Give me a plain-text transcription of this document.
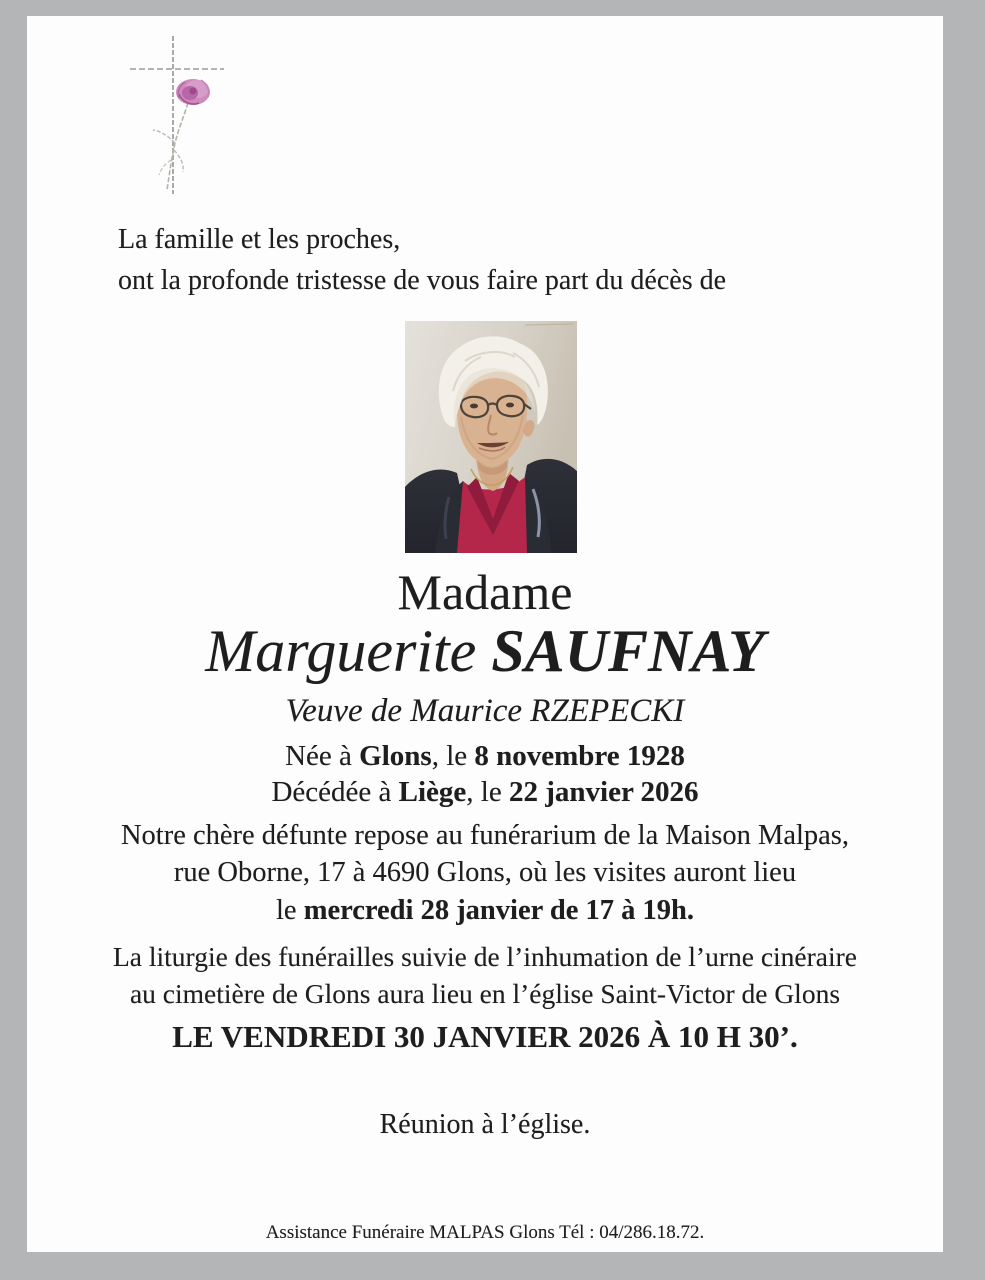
La famille et les proches,
ont la profonde tristesse de vous faire part du décès de
Madame
Marguerite SAUFNAY
Veuve de Maurice RZEPECKI
Née à Glons, le 8 novembre 1928
Décédée à Liège, le 22 janvier 2026
Notre chère défunte repose au funérarium de la Maison Malpas,
rue Oborne, 17 à 4690 Glons, où les visites auront lieu
le mercredi 28 janvier de 17 à 19h.
La liturgie des funérailles suivie de l’inhumation de l’urne cinéraire
au cimetière de Glons aura lieu en l’église Saint-Victor de Glons
LE VENDREDI 30 JANVIER 2026 À 10 H 30’.
Réunion à l’église.
Assistance Funéraire MALPAS Glons Tél : 04/286.18.72.
